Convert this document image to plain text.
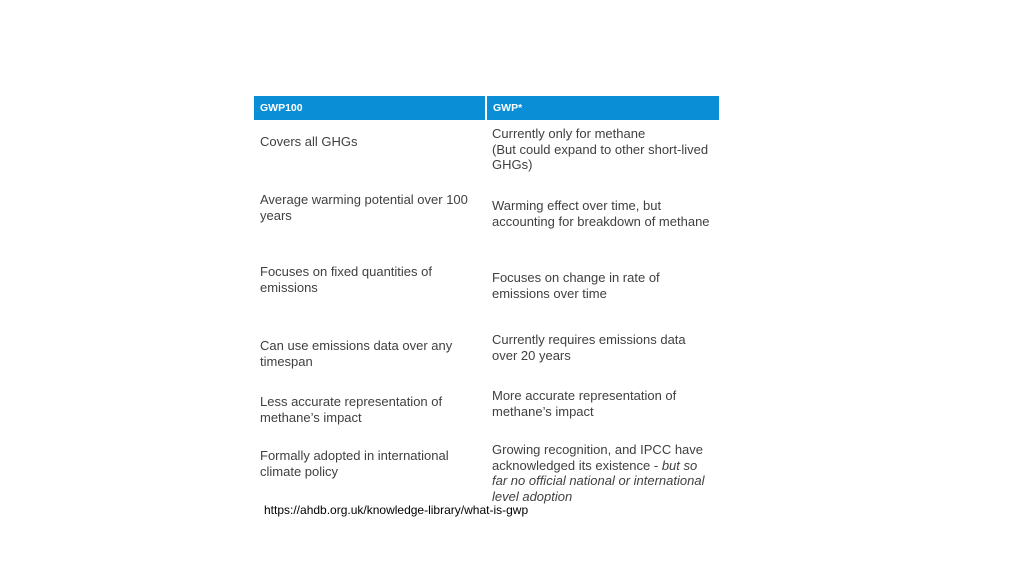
GWP100	GWP*
Covers all GHGs	Currently only for methane
(But could expand to other short-lived GHGs)
Average warming potential over 100 years	Warming effect over time, but accounting for breakdown of methane
Focuses on fixed quantities of emissions	Focuses on change in rate of emissions over time
Can use emissions data over any timespan	Currently requires emissions data over 20 years
Less accurate representation of methane’s impact	More accurate representation of methane’s impact
Formally adopted in international climate policy	Growing recognition, and IPCC have acknowledged its existence - but so far no official national or international level adoption
https://ahdb.org.uk/knowledge-library/what-is-gwp
